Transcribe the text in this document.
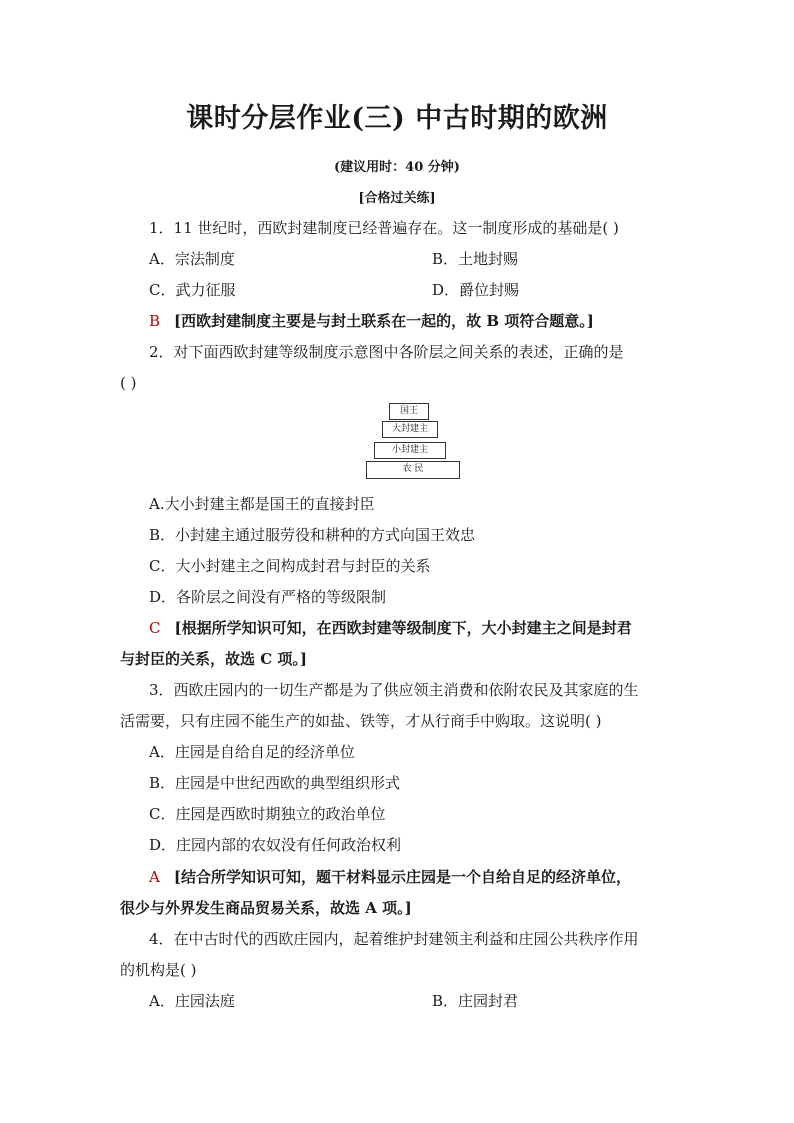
课时分层作业(三) 中古时期的欧洲
(建议用时：40 分钟)
[合格过关练]
1．11 世纪时，西欧封建制度已经普遍存在。这一制度形成的基础是( )
A．宗法制度	B．土地封赐
C．武力征服	D．爵位封赐
B [西欧封建制度主要是与封土联系在一起的，故 B 项符合题意。]
2．对下面西欧封建等级制度示意图中各阶层之间关系的表述，正确的是
( )
国王
大封建主
小封建主
农 民
A.大小封建主都是国王的直接封臣
B．小封建主通过服劳役和耕种的方式向国王效忠
C．大小封建主之间构成封君与封臣的关系
D．各阶层之间没有严格的等级限制
C [根据所学知识可知，在西欧封建等级制度下，大小封建主之间是封君
与封臣的关系，故选 C 项。]
3．西欧庄园内的一切生产都是为了供应领主消费和依附农民及其家庭的生
活需要，只有庄园不能生产的如盐、铁等，才从行商手中购取。这说明( )
A．庄园是自给自足的经济单位
B．庄园是中世纪西欧的典型组织形式
C．庄园是西欧时期独立的政治单位
D．庄园内部的农奴没有任何政治权利
A [结合所学知识可知，题干材料显示庄园是一个自给自足的经济单位，
很少与外界发生商品贸易关系，故选 A 项。]
4．在中古时代的西欧庄园内，起着维护封建领主利益和庄园公共秩序作用
的机构是( )
A．庄园法庭	B．庄园封君
